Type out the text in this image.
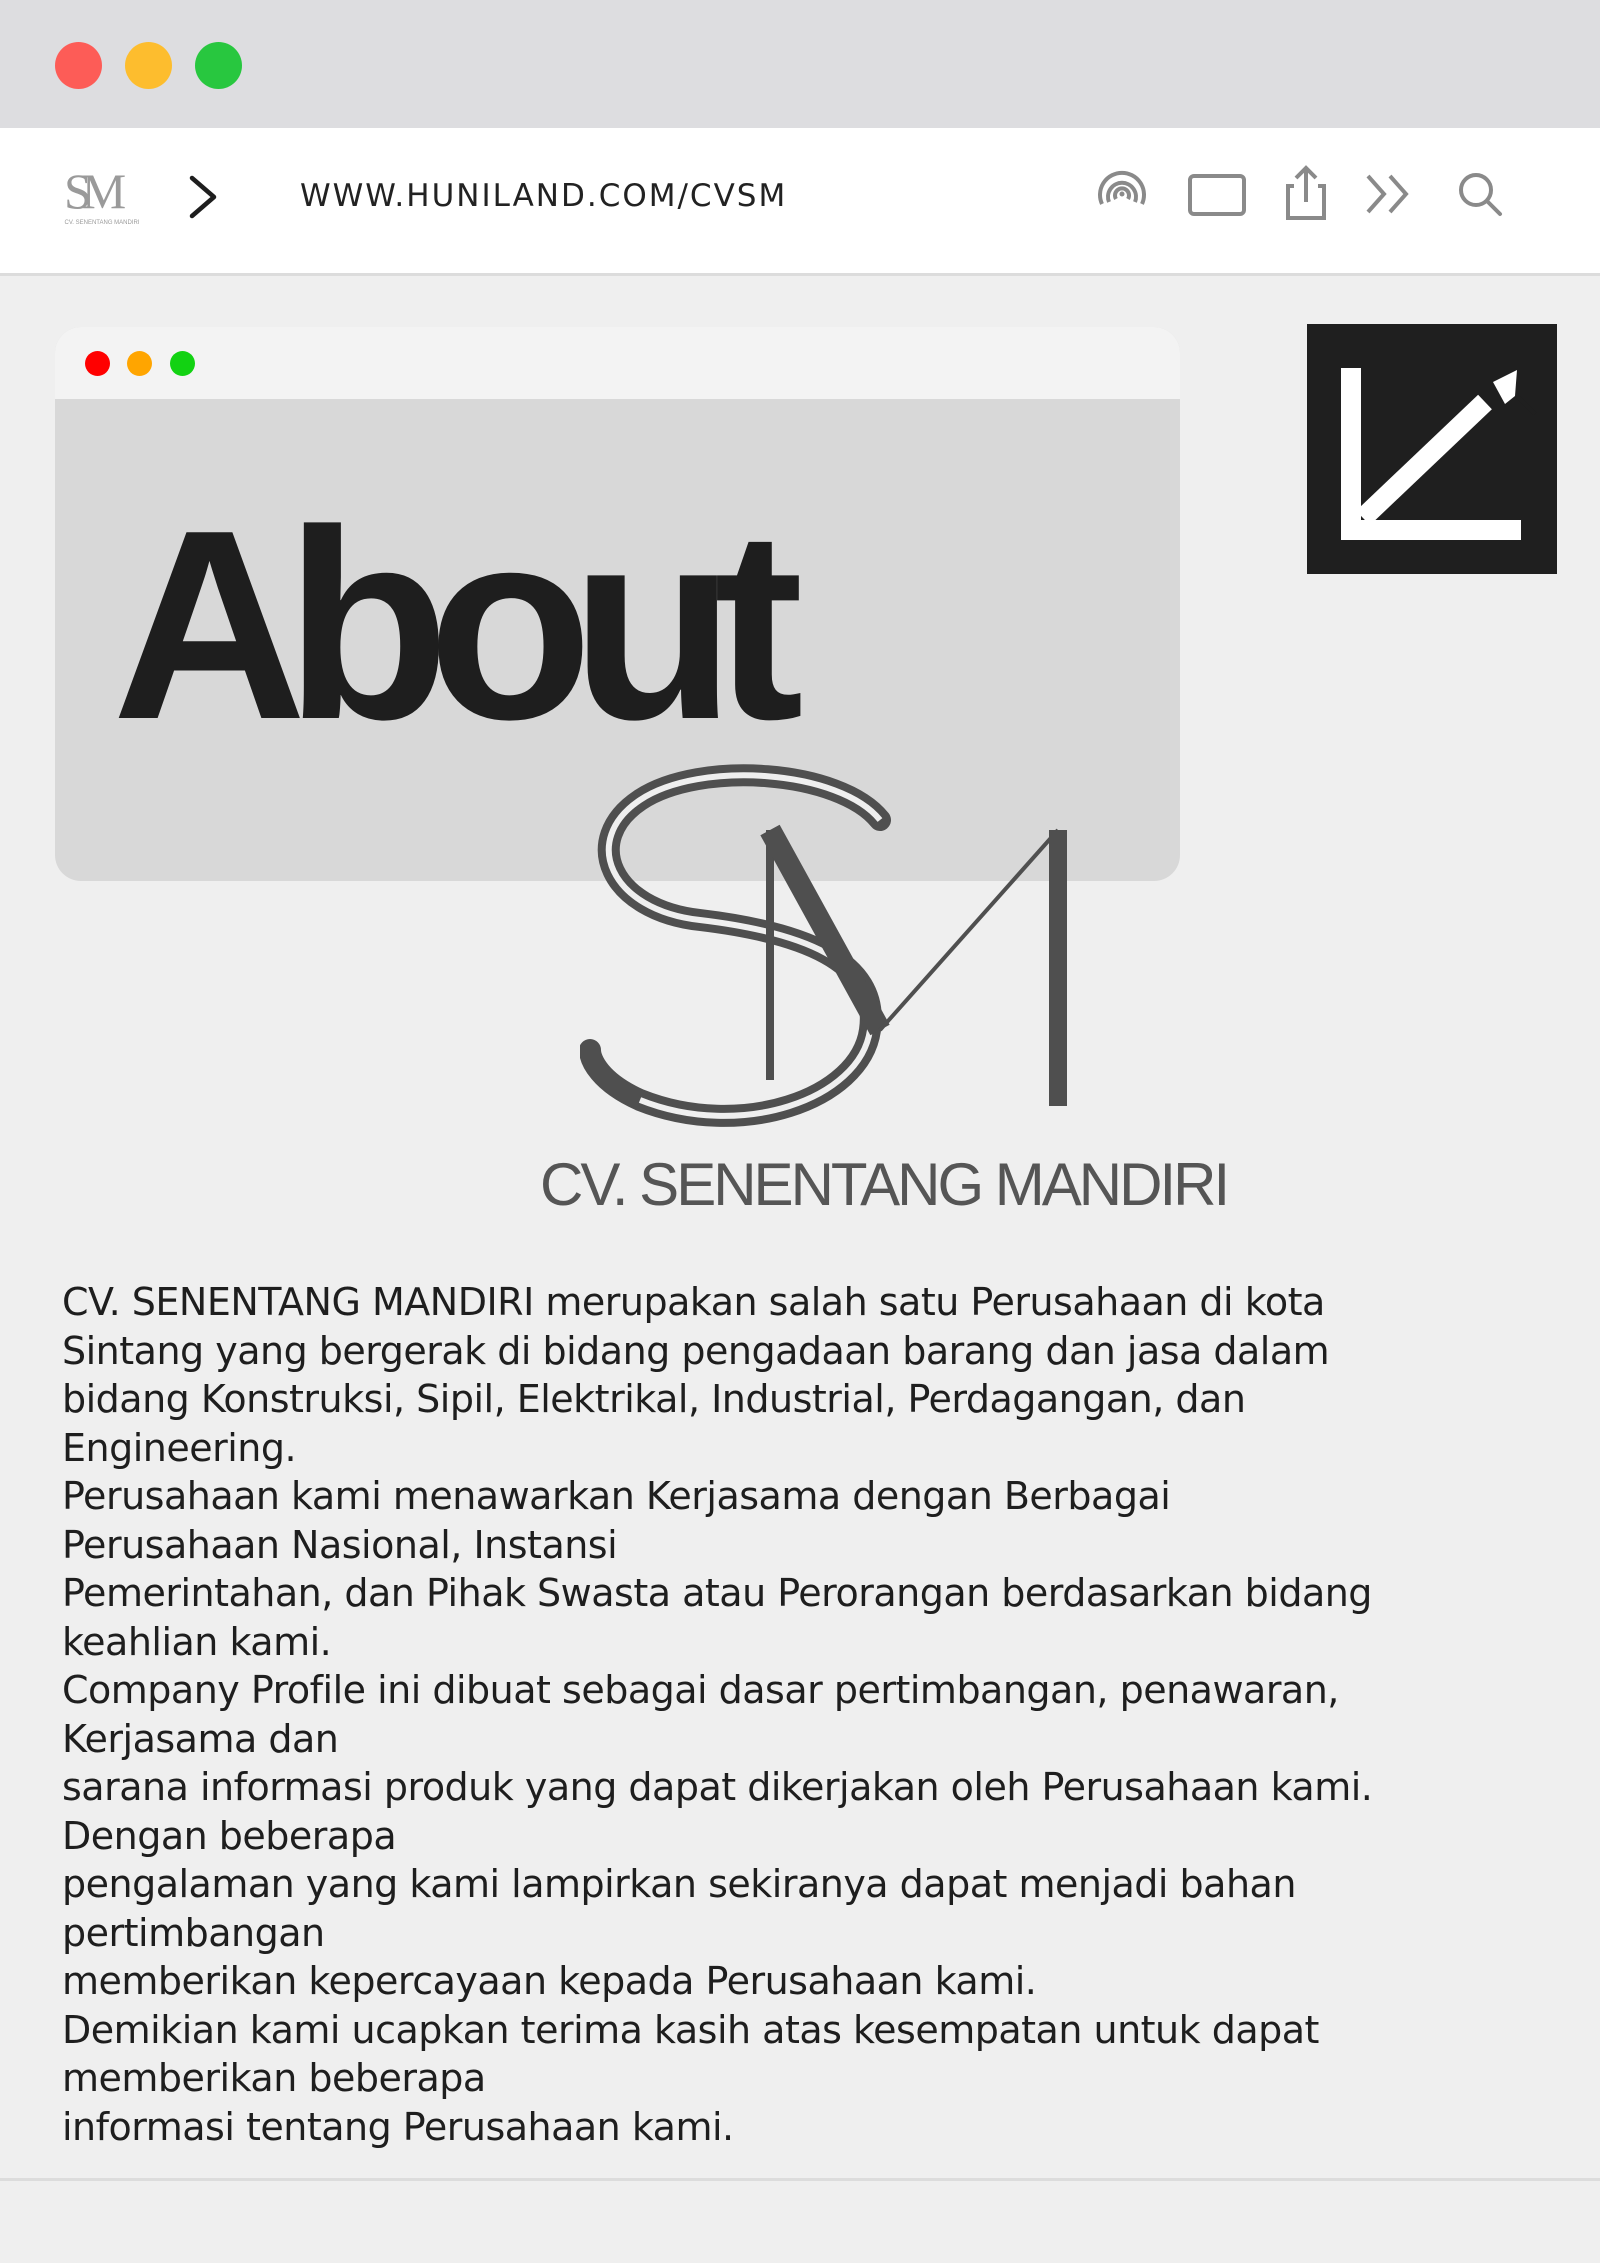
SM
CV. SENENTANG MANDIRI
WWW.HUNILAND.COM/CVSM
About
CV. SENENTANG MANDIRI

CV. SENENTANG MANDIRI merupakan salah satu Perusahaan di kota

Sintang yang bergerak di bidang pengadaan barang dan jasa dalam

bidang Konstruksi, Sipil, Elektrikal, Industrial, Perdagangan, dan

Engineering.

Perusahaan kami menawarkan Kerjasama dengan Berbagai

Perusahaan Nasional, Instansi

Pemerintahan, dan Pihak Swasta atau Perorangan berdasarkan bidang

keahlian kami.

Company Profile ini dibuat sebagai dasar pertimbangan, penawaran,

Kerjasama dan

sarana informasi produk yang dapat dikerjakan oleh Perusahaan kami.

Dengan beberapa

pengalaman yang kami lampirkan sekiranya dapat menjadi bahan

pertimbangan

memberikan kepercayaan kepada Perusahaan kami.

Demikian kami ucapkan terima kasih atas kesempatan untuk dapat

memberikan beberapa

informasi tentang Perusahaan kami.
